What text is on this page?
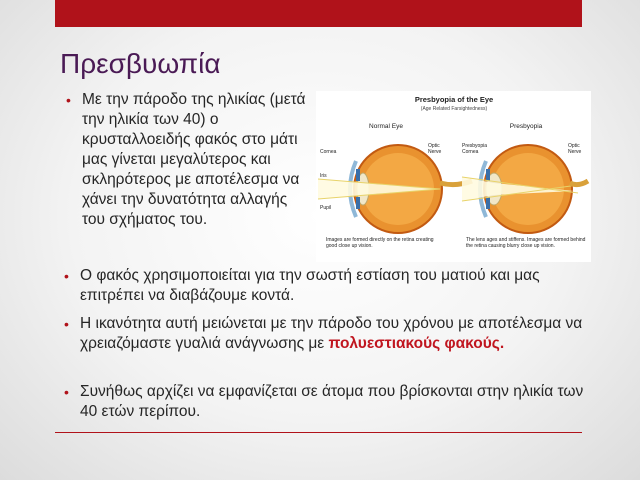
Πρεσβυωπία
• Με την πάροδο της ηλικίας (μετά την ηλικία των 40) ο κρυσταλλοειδής φακός στο μάτι μας γίνεται μεγαλύτερος και σκληρότερος με αποτέλεσμα να χάνει την δυνατότητα αλλαγής του σχήματος του.
Presbyopia of the Eye
(Age Related Farsightedness)
Normal Eye	Presbyopia
Cornea
Iris
Pupil
Optic
Nerve
Presbyopia
Cornea
Optic
Nerve
Images are formed directly on the retina creating good close up vision.
The lens ages and stiffens. Images are formed behind the retina causing blurry close up vision.
• Ο φακός χρησιμοποιείται για την σωστή εστίαση του ματιού και μας επιτρέπει να διαβάζουμε κοντά.
• Η ικανότητα αυτή μειώνεται με την πάροδο του χρόνου με αποτέλεσμα να χρειαζόμαστε γυαλιά ανάγνωσης με πολυεστιακούς φακούς.
• Συνήθως αρχίζει να εμφανίζεται σε άτομα που βρίσκονται στην ηλικία των 40 ετών περίπου.
